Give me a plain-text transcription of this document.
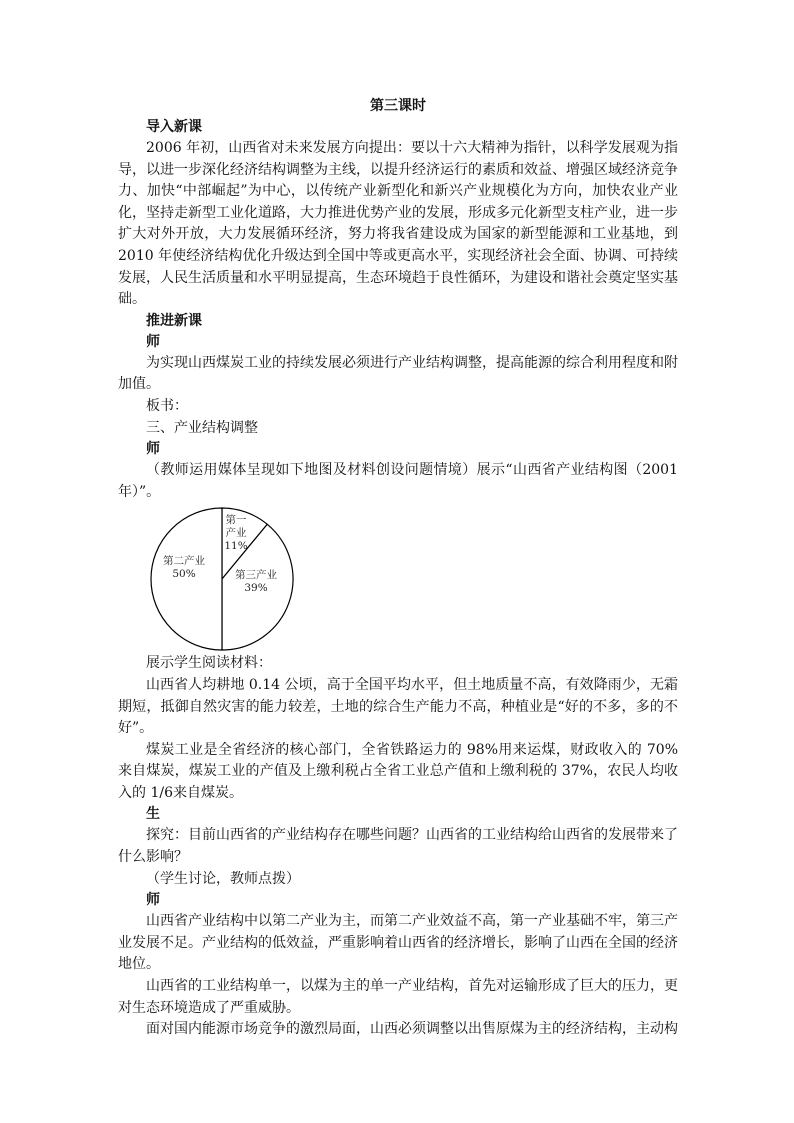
第三课时

导入新课

2006 年初，山西省对未来发展方向提出：要以十六大精神为指针，以科学发展观为指导，以进一步深化经济结构调整为主线，以提升经济运行的素质和效益、增强区域经济竞争力、加快“中部崛起”为中心，以传统产业新型化和新兴产业规模化为方向，加快农业产业化，坚持走新型工业化道路，大力推进优势产业的发展，形成多元化新型支柱产业，进一步扩大对外开放，大力发展循环经济，努力将我省建设成为国家的新型能源和工业基地，到 2010 年使经济结构优化升级达到全国中等或更高水平，实现经济社会全面、协调、可持续发展，人民生活质量和水平明显提高，生态环境趋于良性循环，为建设和谐社会奠定坚实基础。

推进新课

师

为实现山西煤炭工业的持续发展必须进行产业结构调整，提高能源的综合利用程度和附加值。

板书：

三、产业结构调整

师

（教师运用媒体呈现如下地图及材料创设问题情境）展示“山西省产业结构图（2001年）”。

第一
产业
11%
第三产业
39%
第二产业
50%

展示学生阅读材料：

山西省人均耕地 0.14 公顷，高于全国平均水平，但土地质量不高，有效降雨少，无霜期短，抵御自然灾害的能力较差，土地的综合生产能力不高，种植业是“好的不多，多的不好”。

煤炭工业是全省经济的核心部门，全省铁路运力的 98%用来运煤，财政收入的 70%来自煤炭，煤炭工业的产值及上缴利税占全省工业总产值和上缴利税的 37%，农民人均收入的 1/6来自煤炭。

生

探究：目前山西省的产业结构存在哪些问题？山西省的工业结构给山西省的发展带来了什么影响？

（学生讨论，教师点拨）

师

山西省产业结构中以第二产业为主，而第二产业效益不高，第一产业基础不牢，第三产业发展不足。产业结构的低效益，严重影响着山西省的经济增长，影响了山西在全国的经济地位。

山西省的工业结构单一，以煤为主的单一产业结构，首先对运输形成了巨大的压力，更对生态环境造成了严重威胁。

面对国内能源市场竞争的激烈局面，山西必须调整以出售原煤为主的经济结构，主动构
